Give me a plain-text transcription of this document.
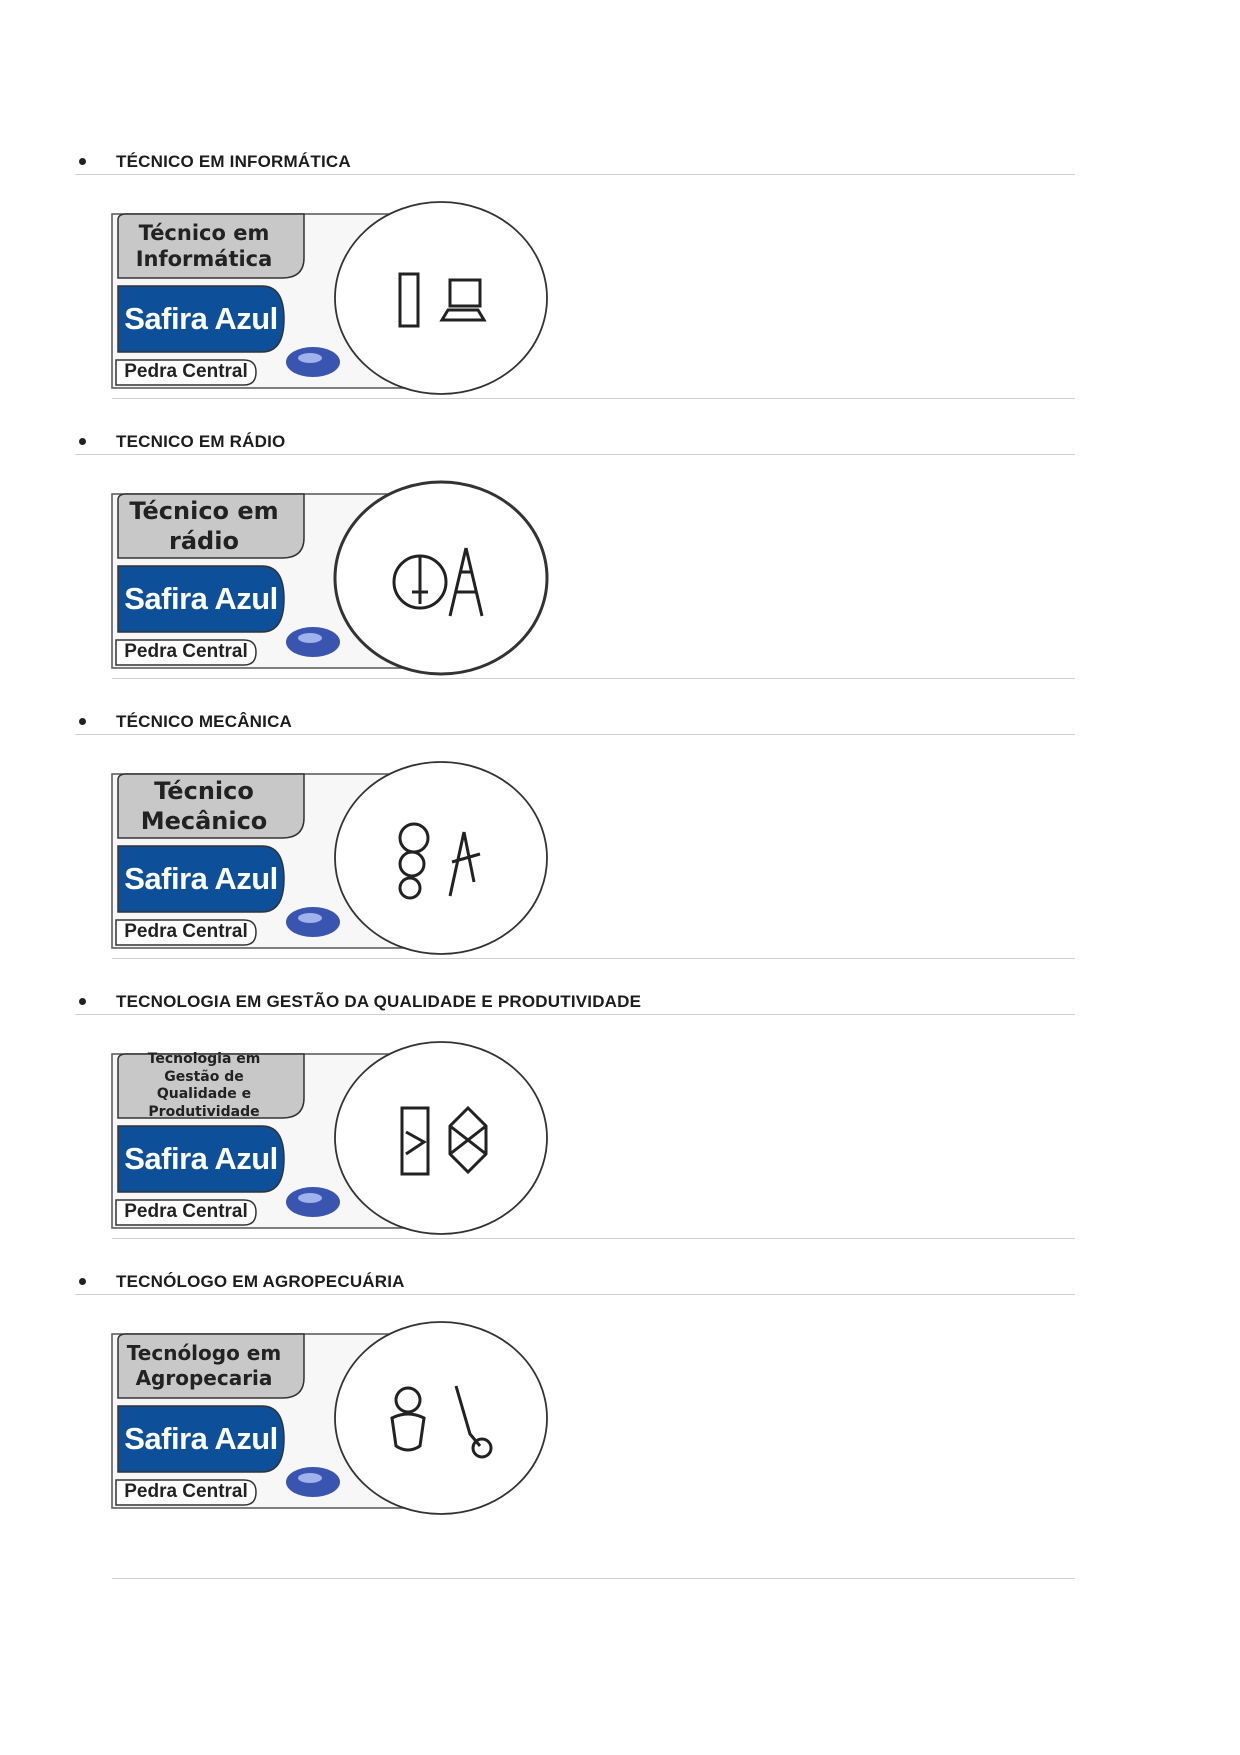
TÉCNICO EM INFORMÁTICA
Técnico em
Informática
Safira Azul
Pedra Central
TECNICO EM RÁDIO
Técnico em
rádio
Safira Azul
Pedra Central
TÉCNICO MECÂNICA
Técnico
Mecânico
Safira Azul
Pedra Central
TECNOLOGIA EM GESTÃO DA QUALIDADE E PRODUTIVIDADE
Tecnologia em Gestão de
Qualidade e Produtividade
Safira Azul
Pedra Central
TECNÓLOGO EM AGROPECUÁRIA
Tecnólogo em
Agropecaria
Safira Azul
Pedra Central
